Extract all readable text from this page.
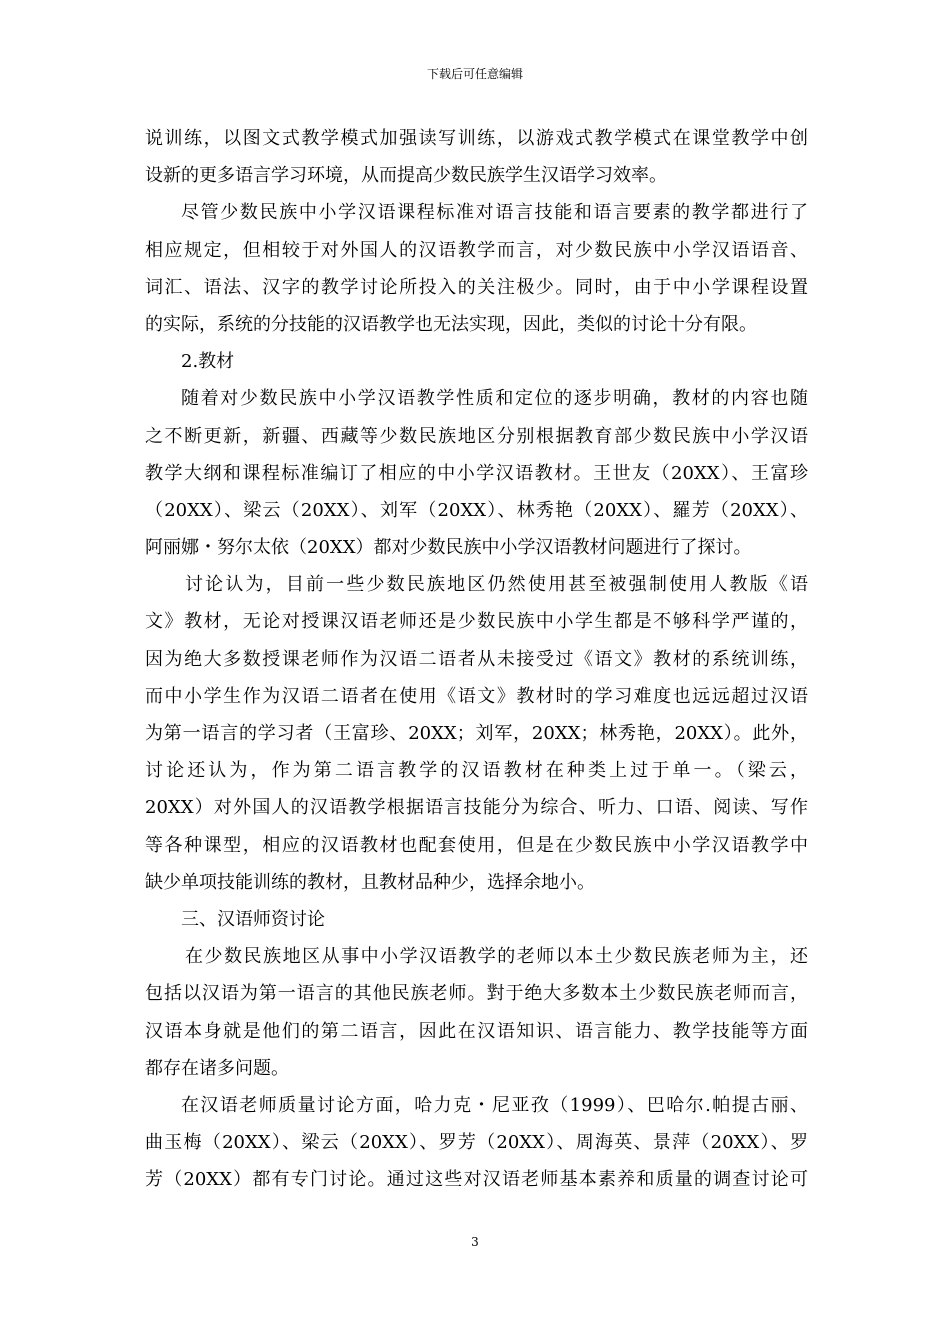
下载后可任意编辑
说训练，以图文式教学模式加强读写训练，以游戏式教学模式在课堂教学中创
设新的更多语言学习环境，从而提高少数民族学生汉语学习效率。
尽管少数民族中小学汉语课程标准对语言技能和语言要素的教学都进行了
相应规定，但相较于对外国人的汉语教学而言，对少数民族中小学汉语语音、
词汇、语法、汉字的教学讨论所投入的关注极少。同时，由于中小学课程设置
的实际，系统的分技能的汉语教学也无法实现，因此，类似的讨论十分有限。
2.教材
随着对少数民族中小学汉语教学性质和定位的逐步明确，教材的内容也随
之不断更新，新疆、西藏等少数民族地区分别根据教育部少数民族中小学汉语
教学大纲和课程标准编订了相应的中小学汉语教材。王世友（20XX）、王富珍
（20XX）、梁云（20XX）、刘军（20XX）、林秀艳（20XX）、羅芳（20XX）、
阿丽娜・努尔太依（20XX）都对少数民族中小学汉语教材问题进行了探讨。
讨论认为，目前一些少数民族地区仍然使用甚至被强制使用人教版《语
文》教材，无论对授课汉语老师还是少数民族中小学生都是不够科学严谨的，
因为绝大多数授课老师作为汉语二语者从未接受过《语文》教材的系统训练，
而中小学生作为汉语二语者在使用《语文》教材时的学习难度也远远超过汉语
为第一语言的学习者（王富珍、20XX；刘军，20XX；林秀艳，20XX）。此外，
讨论还认为，作为第二语言教学的汉语教材在种类上过于单一。（梁云，
20XX）对外国人的汉语教学根据语言技能分为综合、听力、口语、阅读、写作
等各种课型，相应的汉语教材也配套使用，但是在少数民族中小学汉语教学中
缺少单项技能训练的教材，且教材品种少，选择余地小。
三、汉语师资讨论
在少数民族地区从事中小学汉语教学的老师以本土少数民族老师为主，还
包括以汉语为第一语言的其他民族老师。對于绝大多数本土少数民族老师而言，
汉语本身就是他们的第二语言，因此在汉语知识、语言能力、教学技能等方面
都存在诸多问题。
在汉语老师质量讨论方面，哈力克・尼亚孜（1999）、巴哈尔.帕提古丽、
曲玉梅（20XX）、梁云（20XX）、罗芳（20XX）、周海英、景萍（20XX）、罗
芳（20XX）都有专门讨论。通过这些对汉语老师基本素养和质量的调查讨论可
3
